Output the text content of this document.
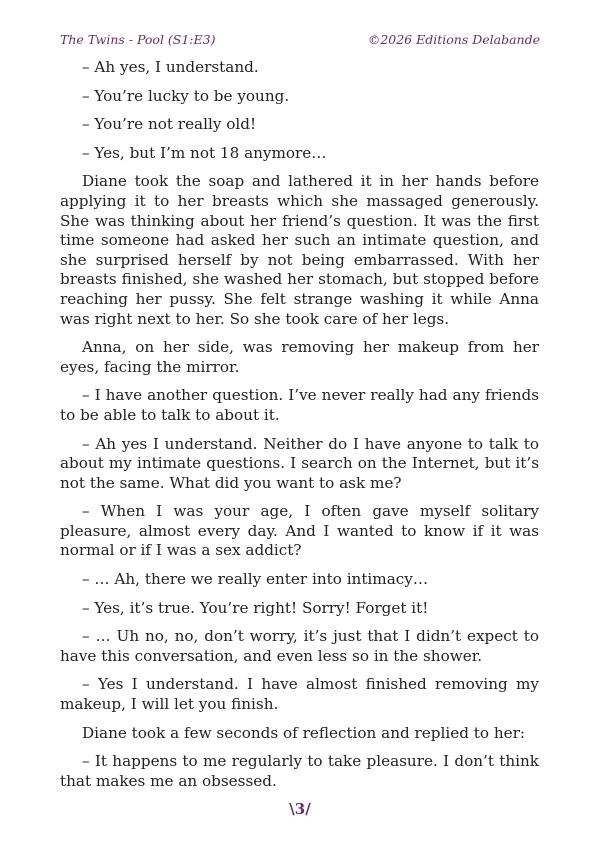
The Twins - Pool (S1:E3)	©2026 Editions Delabande

– Ah yes, I understand.

– You’re lucky to be young.

– You’re not really old!

– Yes, but I’m not 18 anymore…

Diane took the soap and lathered it in her hands before applying it to her breasts which she massaged generously. She was thinking about her friend’s question. It was the first time someone had asked her such an intimate question, and she surprised herself by not being embarrassed. With her breasts finished, she washed her stomach, but stopped before reaching her pussy. She felt strange washing it while Anna was right next to her. So she took care of her legs.

Anna, on her side, was removing her makeup from her eyes, facing the mirror.

– I have another question. I’ve never really had any friends to be able to talk to about it.

– Ah yes I understand. Neither do I have anyone to talk to about my intimate questions. I search on the Internet, but it’s not the same. What did you want to ask me?

– When I was your age, I often gave myself solitary pleasure, almost every day. And I wanted to know if it was normal or if I was a sex addict?

– … Ah, there we really enter into intimacy…

– Yes, it’s true. You’re right! Sorry! Forget it!

– … Uh no, no, don’t worry, it’s just that I didn’t expect to have this conversation, and even less so in the shower.

– Yes I understand. I have almost finished removing my makeup, I will let you finish.

Diane took a few seconds of reflection and replied to her:

– It happens to me regularly to take pleasure. I don’t think that makes me an obsessed.

\3/
